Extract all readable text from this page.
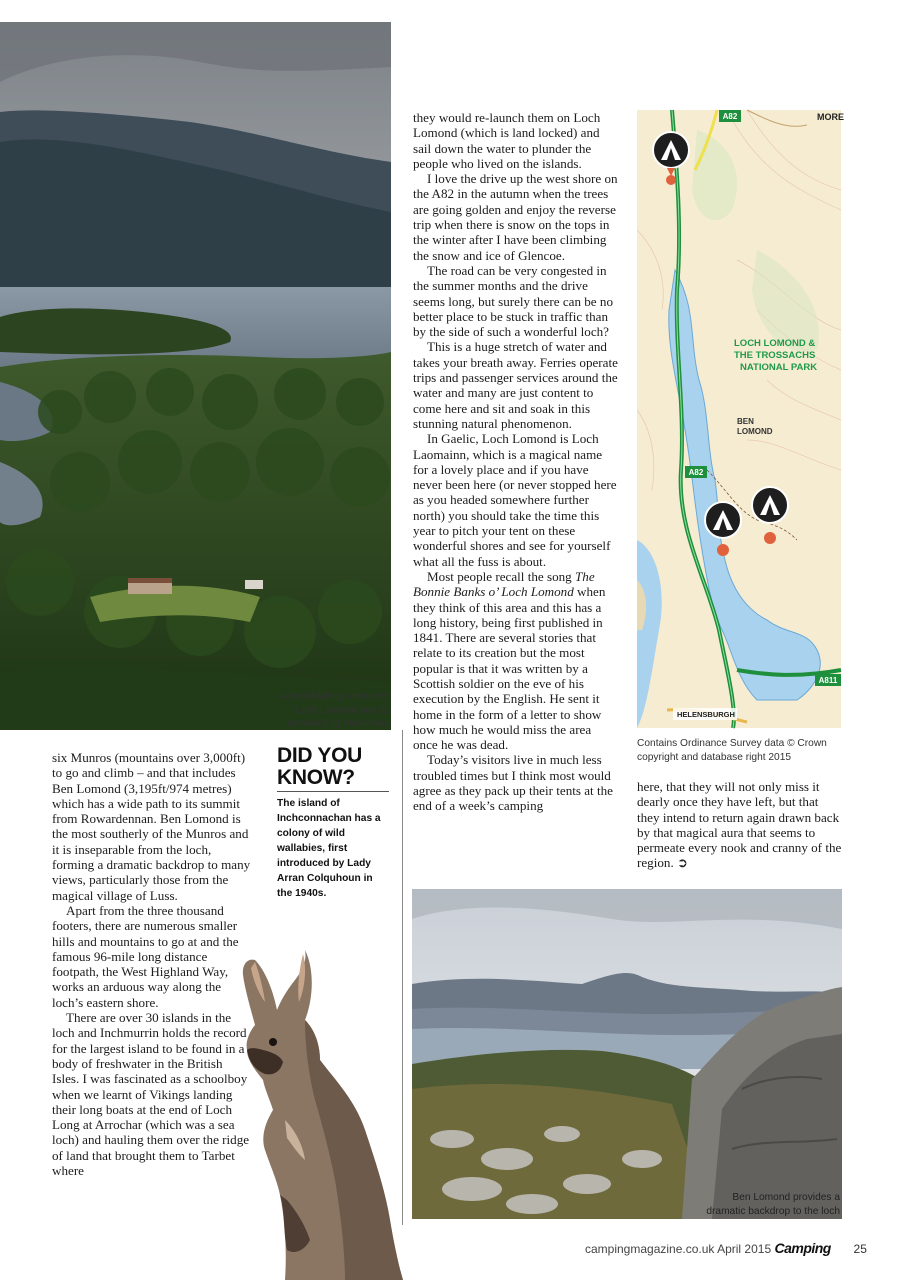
A breathtaking view over Loch Lomond and its surrounding mountains

six Munros (mountains over 3,000ft) to go and climb – and that includes Ben Lomond (3,195ft/974 metres) which has a wide path to its summit from Rowardennan. Ben Lomond is the most southerly of the Munros and it is inseparable from the loch, forming a dramatic backdrop to many views, particularly those from the magical village of Luss.

Apart from the three thousand footers, there are numerous smaller hills and mountains to go at and the famous 96-mile long distance footpath, the West Highland Way, works an arduous way along the loch’s eastern shore.

There are over 30 islands in the loch and Inchmurrin holds the record for the largest island to be found in a body of freshwater in the British Isles. I was fascinated as a schoolboy when we learnt of Vikings landing their long boats at the end of Loch Long at Arrochar (which was a sea loch) and hauling them over the ridge of land that brought them to Tarbet where

DID YOU KNOW?
The island of Inchconnachan has a colony of wild wallabies, first introduced by Lady Arran Colquhoun in the 1940s.

they would re-launch them on Loch Lomond (which is land locked) and sail down the water to plunder the people who lived on the islands.

I love the drive up the west shore on the A82 in the autumn when the trees are going golden and enjoy the reverse trip when there is snow on the tops in the winter after I have been climbing the snow and ice of Glencoe.

The road can be very congested in the summer months and the drive seems long, but surely there can be no better place to be stuck in traffic than by the side of such a wonderful loch?

This is a huge stretch of water and takes your breath away. Ferries operate trips and passenger services around the water and many are just content to come here and sit and soak in this stunning natural phenomenon.

In Gaelic, Loch Lomond is Loch Laomainn, which is a magical name for a lovely place and if you have never been here (or never stopped here as you headed somewhere further north) you should take the time this year to pitch your tent on these wonderful shores and see for yourself what all the fuss is about.

Most people recall the song The Bonnie Banks o’ Loch Lomond when they think of this area and this has a long history, being first published in 1841. There are several stories that relate to its creation but the most popular is that it was written by a Scottish soldier on the eve of his execution by the English. He sent it home in the form of a letter to show how much he would miss the area once he was dead.

Today’s visitors live in much less troubled times but I think most would agree as they pack up their tents at the end of a week’s camping

A82
A82
A811
MORE
LOCH LOMOND &
THE TROSSACHS
NATIONAL PARK
BEN
LOMOND
HELENSBURGH
Contains Ordinance Survey data © Crown copyright and database right 2015

here, that they will not only miss it dearly once they have left, but that they intend to return again drawn back by that magical aura that seems to permeate every nook and cranny of the region. ➲

Ben Lomond provides a dramatic backdrop to the loch
campingmagazine.co.uk April 2015 Camping 25
